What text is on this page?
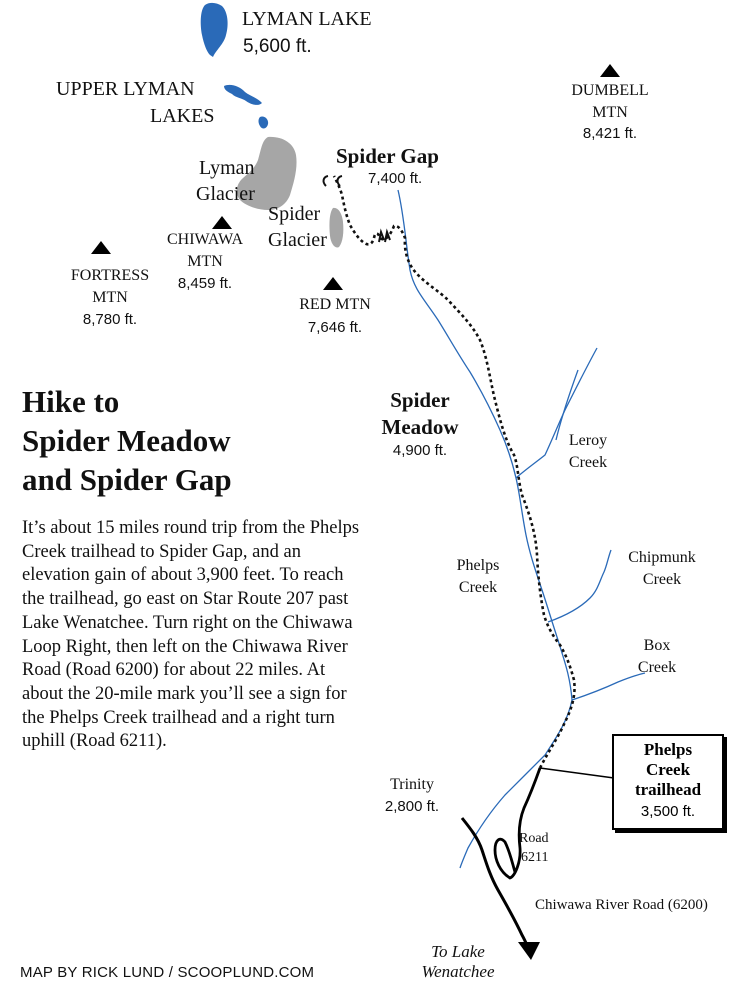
LYMAN LAKE
5,600 ft.
UPPER LYMAN
LAKES
Lyman
Glacier
Spider
Glacier
DUMBELL
MTN
8,421 ft.
CHIWAWA
MTN
8,459 ft.
FORTRESS
MTN
8,780 ft.
RED MTN
7,646 ft.
Spider Gap
7,400 ft.
Spider
Meadow
4,900 ft.
Leroy
Creek
Phelps
Creek
Chipmunk
Creek
Box
Creek
Trinity
2,800 ft.
Phelps
Creek
trailhead
3,500 ft.
Road
6211
Chiwawa River Road (6200)
To Lake
Wenatchee
Hike to
Spider Meadow
and Spider Gap
It’s about 15 miles round trip from the Phelps Creek trailhead to Spider Gap, and an elevation gain of about 3,900 feet. To reach the trailhead, go east on Star Route 207 past Lake Wenatchee. Turn right on the Chiwawa Loop Right, then left on the Chiwawa River Road (Road 6200) for about 22 miles. At about the 20-mile mark you’ll see a sign for the Phelps Creek trailhead and a right turn uphill (Road 6211).
MAP BY RICK LUND / SCOOPLUND.COM
